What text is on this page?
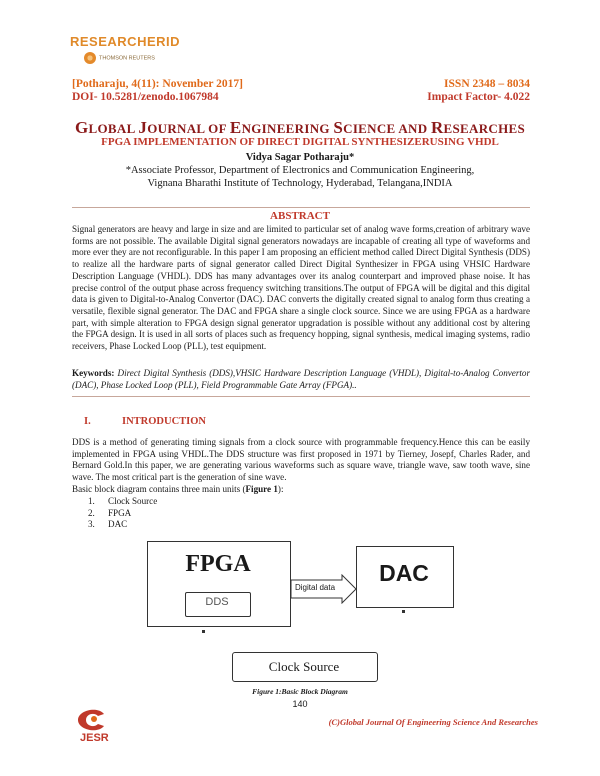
RESEARCHERID
THOMSON REUTERS
[Potharaju, 4(11): November 2017]
DOI- 10.5281/zenodo.1067984
ISSN 2348 – 8034
Impact Factor- 4.022
GLOBAL JOURNAL OF ENGINEERING SCIENCE AND RESEARCHES
FPGA IMPLEMENTATION OF DIRECT DIGITAL SYNTHESIZERUSING VHDL
Vidya Sagar Potharaju*
*Associate Professor, Department of Electronics and Communication Engineering,
Vignana Bharathi Institute of Technology, Hyderabad, Telangana,INDIA
ABSTRACT
Signal generators are heavy and large in size and are limited to particular set of analog wave forms,creation of arbitrary wave forms are not possible. The available Digital signal generators nowadays are incapable of creating all type of waveforms and more ever they are not reconfigurable. In this paper I am proposing an efficient method called Direct Digital Synthesis (DDS) to realize all the hardware parts of signal generator called Direct Digital Synthesizer in FPGA using VHSIC Hardware Description Language (VHDL). DDS has many advantages over its analog counterpart and improved phase noise. It has precise control of the output phase across frequency switching transitions.The output of FPGA will be digital and this digital data is given to Digital-to-Analog Convertor (DAC). DAC converts the digitally created signal to analog form thus creating a versatile, flexible signal generator. The DAC and FPGA share a single clock source. Since we are using FPGA as a hardware part, with simple alteration to FPGA design signal generator upgradation is possible without any additional cost by altering the FPGA design. It is used in all sorts of places such as frequency hopping, signal synthesis, medical imaging systems, radio receivers, Phase Locked Loop (PLL), test equipment.
Keywords: Direct Digital Synthesis (DDS),VHSIC Hardware Description Language (VHDL), Digital-to-Analog Convertor (DAC), Phase Locked Loop (PLL), Field Programmable Gate Array (FPGA)..
I.	INTRODUCTION
DDS is a method of generating timing signals from a clock source with programmable frequency.Hence this can be easily implemented in FPGA using VHDL.The DDS structure was first proposed in 1971 by Tierney, Josepf, Charles Rader, and Bernard Gold.In this paper, we are generating various waveforms such as square wave, triangle wave, saw tooth wave, sine wave. The most critical part is the generation of sine wave.
Basic block diagram contains three main units (Figure 1):
1. Clock Source
2. FPGA
3. DAC
FPGA
DDS
Digital data
DAC
Clock Source
Figure 1:Basic Block Diagram
140
JESR
(C)Global Journal Of Engineering Science And Researches
